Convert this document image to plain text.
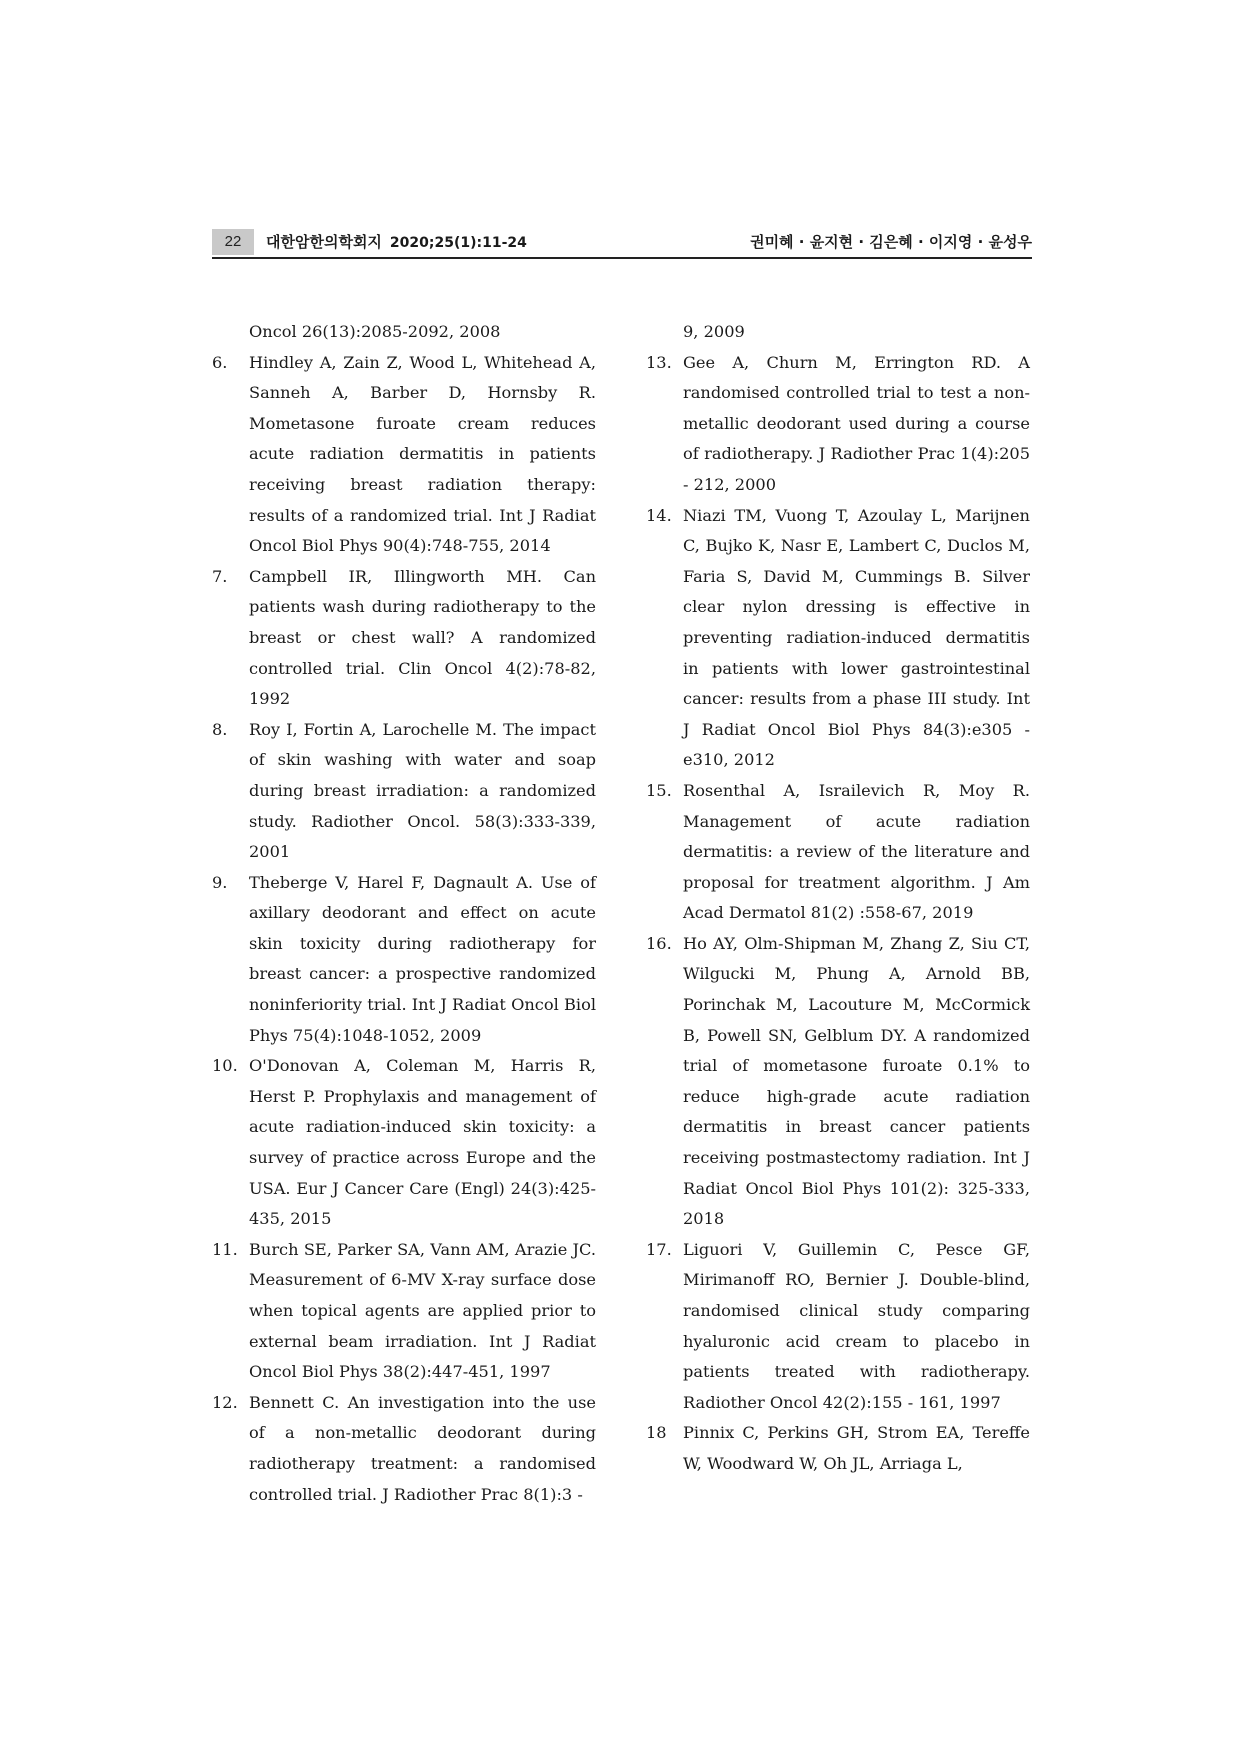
22	대한암한의학회지 2020;25(1):11-24	권미혜 · 윤지현 · 김은혜 · 이지영 · 윤성우
Oncol 26(13):2085-2092, 2008
6.	Hindley A, Zain Z, Wood L, Whitehead A, Sanneh A, Barber D, Hornsby R. Mometasone furoate cream reduces acute radiation dermatitis in patients receiving breast radiation therapy: results of a randomized trial. Int J Radiat Oncol Biol Phys 90(4):748-755, 2014
7.	Campbell IR, Illingworth MH. Can patients wash during radiotherapy to the breast or chest wall? A randomized controlled trial. Clin Oncol 4(2):78-82, 1992
8.	Roy I, Fortin A, Larochelle M. The impact of skin washing with water and soap during breast irradiation: a randomized study. Radiother Oncol. 58(3):333-339, 2001
9.	Theberge V, Harel F, Dagnault A. Use of axillary deodorant and effect on acute skin toxicity during radiotherapy for breast cancer: a prospective randomized noninferiority trial. Int J Radiat Oncol Biol Phys 75(4):1048-1052, 2009
10. O'Donovan A, Coleman M, Harris R, Herst P. Prophylaxis and management of acute radiation-induced skin toxicity: a survey of practice across Europe and the USA. Eur J Cancer Care (Engl) 24(3):425-435, 2015
11. Burch SE, Parker SA, Vann AM, Arazie JC. Measurement of 6-MV X-ray surface dose when topical agents are applied prior to external beam irradiation. Int J Radiat Oncol Biol Phys 38(2):447-451, 1997
12. Bennett C. An investigation into the use of a non-metallic deodorant during radiotherapy treatment: a randomised controlled trial. J Radiother Prac 8(1):3 -
9, 2009
13. Gee A, Churn M, Errington RD. A randomised controlled trial to test a non-metallic deodorant used during a course of radiotherapy. J Radiother Prac 1(4):205 - 212, 2000
14. Niazi TM, Vuong T, Azoulay L, Marijnen C, Bujko K, Nasr E, Lambert C, Duclos M, Faria S, David M, Cummings B. Silver clear nylon dressing is effective in preventing radiation-induced dermatitis in patients with lower gastrointestinal cancer: results from a phase III study. Int J Radiat Oncol Biol Phys 84(3):e305 - e310, 2012
15. Rosenthal A, Israilevich R, Moy R. Management of acute radiation dermatitis: a review of the literature and proposal for treatment algorithm. J Am Acad Dermatol 81(2) :558-67, 2019
16. Ho AY, Olm-Shipman M, Zhang Z, Siu CT, Wilgucki M, Phung A, Arnold BB, Porinchak M, Lacouture M, McCormick B, Powell SN, Gelblum DY. A randomized trial of mometasone furoate 0.1% to reduce high-grade acute radiation dermatitis in breast cancer patients receiving postmastectomy radiation. Int J Radiat Oncol Biol Phys 101(2): 325-333, 2018
17. Liguori V, Guillemin C, Pesce GF, Mirimanoff RO, Bernier J. Double-blind, randomised clinical study comparing hyaluronic acid cream to placebo in patients treated with radiotherapy. Radiother Oncol 42(2):155 - 161, 1997
18	Pinnix C, Perkins GH, Strom EA, Tereffe W, Woodward W, Oh JL, Arriaga L,
